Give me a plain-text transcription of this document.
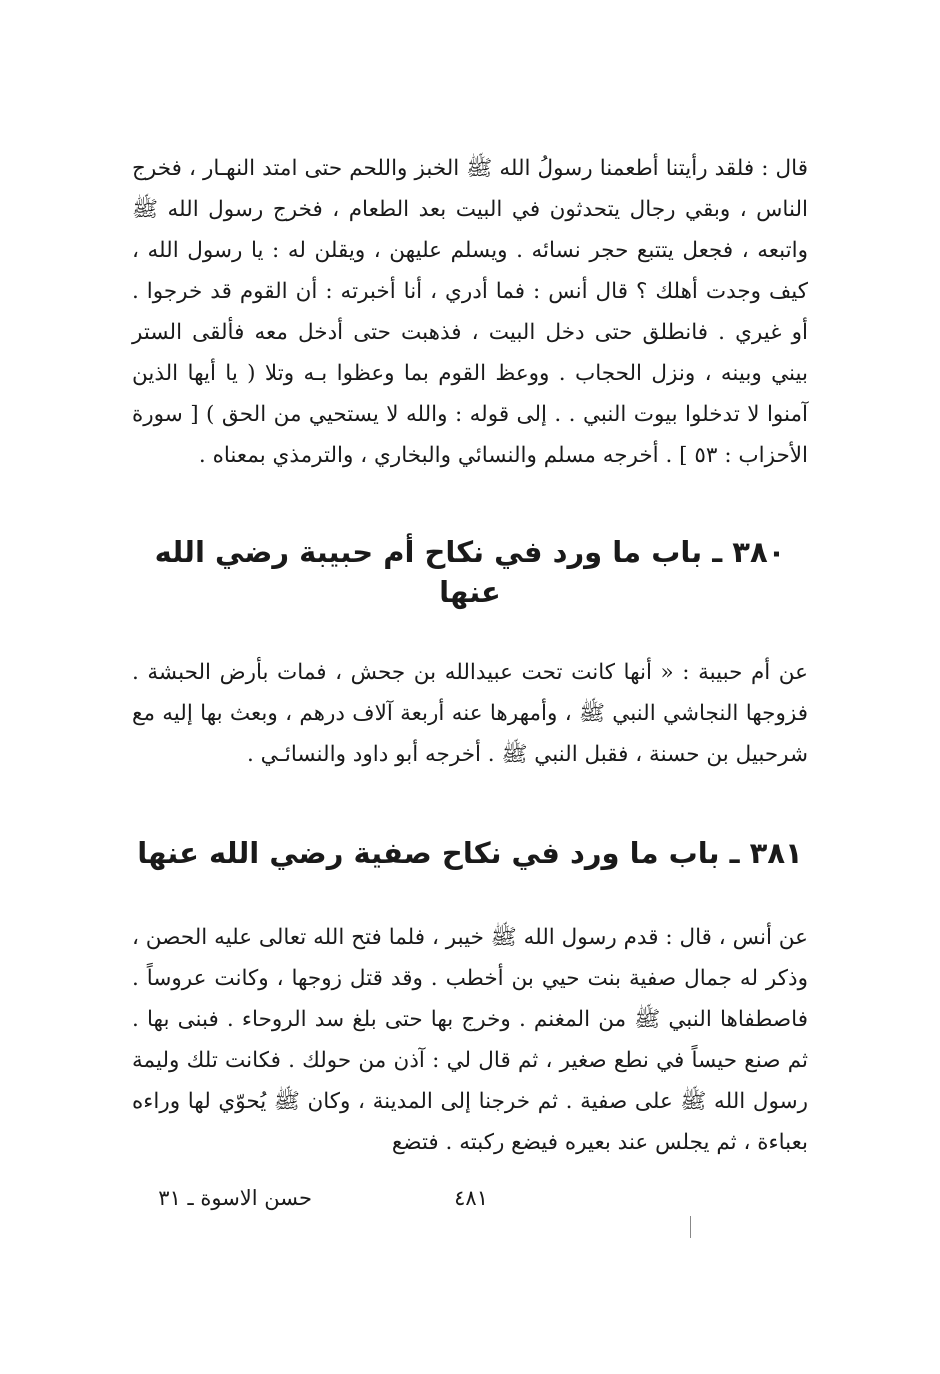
قال : فلقد رأيتنا أطعمنا رسولُ الله ﷺ الخبز واللحم حتى امتد النهـار ، فخرج الناس ، وبقي رجال يتحدثون في البيت بعد الطعام ، فخرج رسول الله ﷺ واتبعه ، فجعل يتتبع حجر نسائه . ويسلم عليهن ، ويقلن له : يا رسول الله ، كيف وجدت أهلك ؟ قال أنس : فما أدري ، أنا أخبرته : أن القوم قد خرجوا . أو غيري . فانطلق حتى دخل البيت ، فذهبت حتى أدخل معه فألقى الستر بيني وبينه ، ونزل الحجاب . ووعظ القوم بما وعظوا بـه وتلا ( يا أيها الذين آمنوا لا تدخلوا بيوت النبي . . إلى قوله : والله لا يستحيي من الحق ) [ سورة الأحزاب : ٥٣ ] . أخرجه مسلم والنسائي والبخاري ، والترمذي بمعناه .

٣٨٠ ـ باب ما ورد في نكاح أم حبيبة رضي الله عنها

عن أم حبيبة : « أنها كانت تحت عبيدالله بن جحش ، فمات بأرض الحبشة . فزوجها النجاشي النبي ﷺ ، وأمهرها عنه أربعة آلاف درهم ، وبعث بها إليه مع شرحبيل بن حسنة ، فقبل النبي ﷺ . أخرجه أبو داود والنسائـي .

٣٨١ ـ باب ما ورد في نكاح صفية رضي الله عنها

عن أنس ، قال : قدم رسول الله ﷺ خيبر ، فلما فتح الله تعالى عليه الحصن ، وذكر له جمال صفية بنت حيي بن أخطب . وقد قتل زوجها ، وكانت عروساً . فاصطفاها النبي ﷺ من المغنم . وخرج بها حتى بلغ سد الروحاء . فبنى بها . ثم صنع حيساً في نطع صغير ، ثم قال لي : آذن من حولك . فكانت تلك وليمة رسول الله ﷺ على صفية . ثم خرجنا إلى المدينة ، وكان ﷺ يُحوّي لها وراءه بعباءة ، ثم يجلس عند بعيره فيضع ركبته . فتضع

٤٨١
حسن الاسوة ـ ٣١
